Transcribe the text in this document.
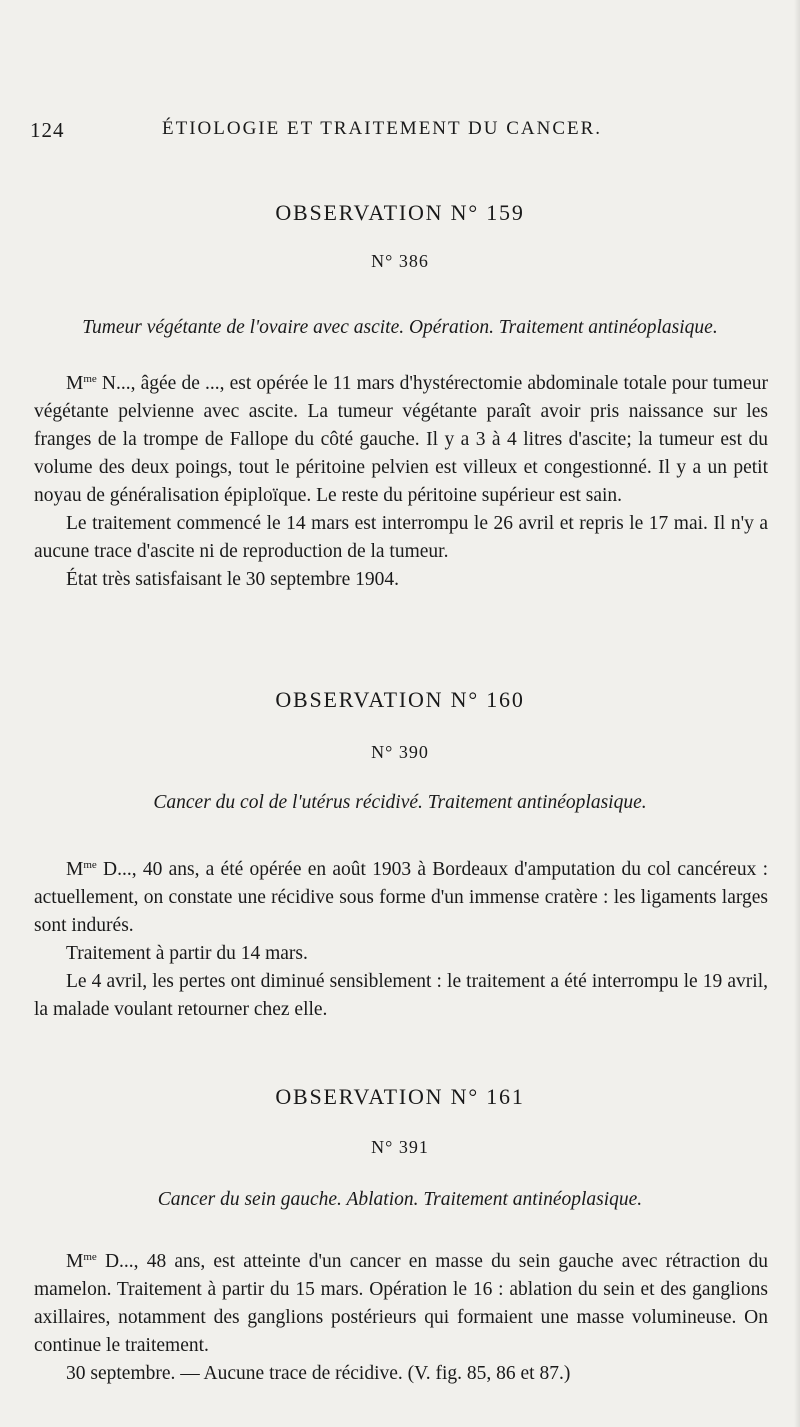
124	ÉTIOLOGIE ET TRAITEMENT DU CANCER.
OBSERVATION N° 159
N° 386
Tumeur végétante de l'ovaire avec ascite. Opération. Traitement antinéoplasique.

$M^{me}$ N..., âgée de ..., est opérée le 11 mars d'hystérectomie abdominale totale pour tumeur végétante pelvienne avec ascite. La tumeur végétante paraît avoir pris naissance sur les franges de la trompe de Fallope du côté gauche. Il y a 3 à 4 litres d'ascite; la tumeur est du volume des deux poings, tout le péritoine pelvien est villeux et congestionné. Il y a un petit noyau de généralisation épiploïque. Le reste du péritoine supérieur est sain.

Le traitement commencé le 14 mars est interrompu le 26 avril et repris le 17 mai. Il n'y a aucune trace d'ascite ni de reproduction de la tumeur.

État très satisfaisant le 30 septembre 1904.

OBSERVATION N° 160
N° 390
Cancer du col de l'utérus récidivé. Traitement antinéoplasique.

$M^{me}$ D..., 40 ans, a été opérée en août 1903 à Bordeaux d'amputation du col cancéreux : actuellement, on constate une récidive sous forme d'un immense cratère : les ligaments larges sont indurés.

Traitement à partir du 14 mars.

Le 4 avril, les pertes ont diminué sensiblement : le traitement a été interrompu le 19 avril, la malade voulant retourner chez elle.

OBSERVATION N° 161
N° 391
Cancer du sein gauche. Ablation. Traitement antinéoplasique.

$M^{me}$ D..., 48 ans, est atteinte d'un cancer en masse du sein gauche avec rétraction du mamelon. Traitement à partir du 15 mars. Opération le 16 : ablation du sein et des ganglions axillaires, notamment des ganglions postérieurs qui formaient une masse volumineuse. On continue le traitement.

30 septembre. — Aucune trace de récidive. (V. fig. 85, 86 et 87.)
